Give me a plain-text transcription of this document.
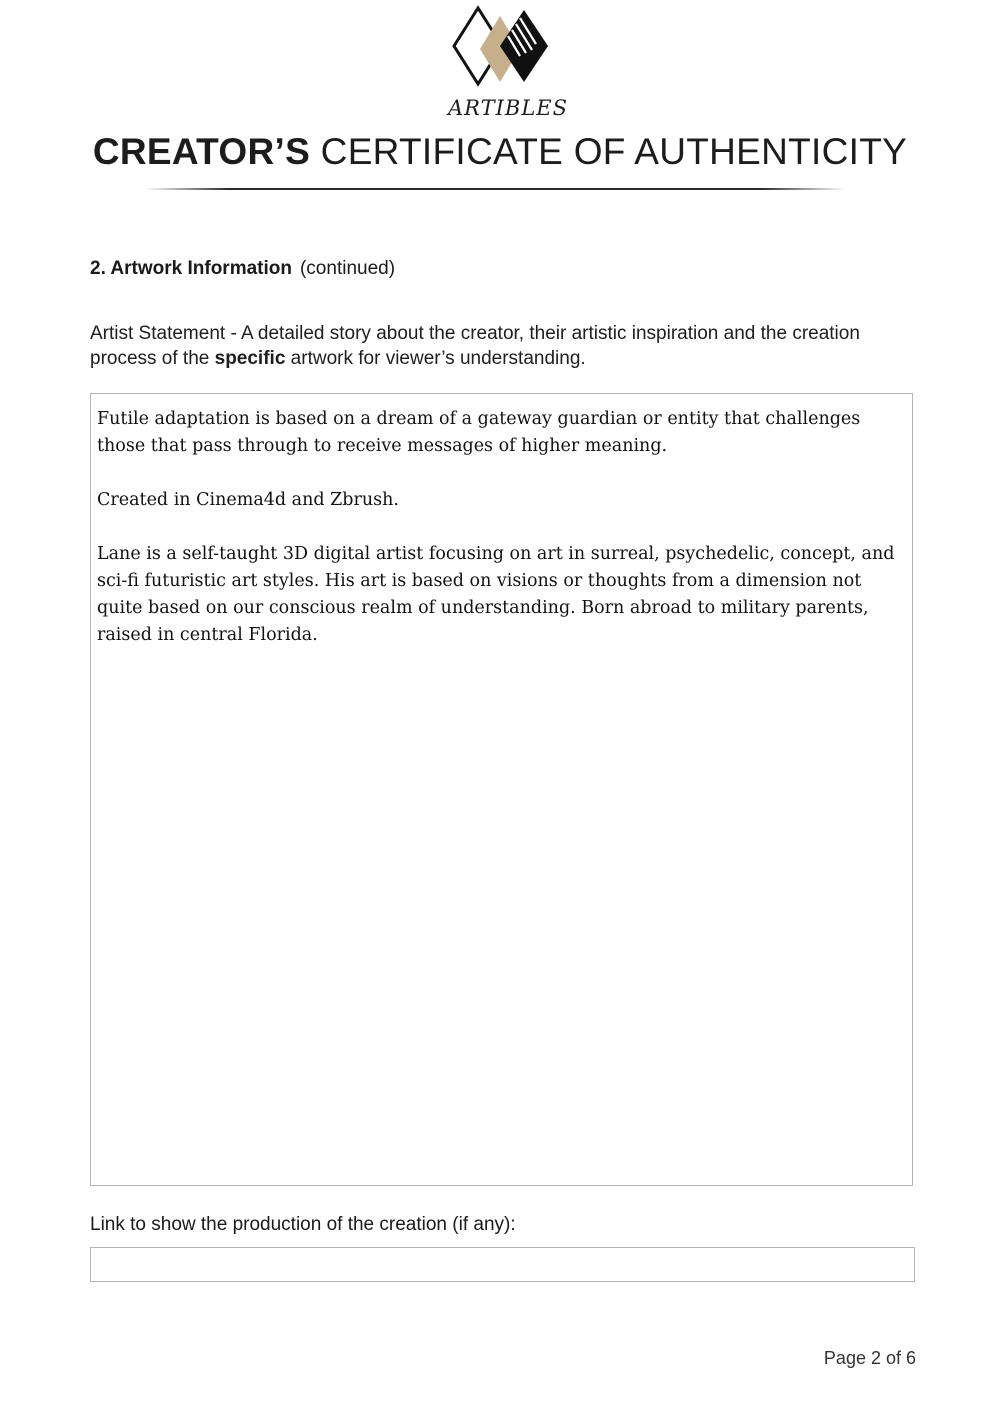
ARTIBLES
CREATOR’S CERTIFICATE OF AUTHENTICITY
2. Artwork Information (continued)
Artist Statement - A detailed story about the creator, their artistic inspiration and the creation process of the specific artwork for viewer’s understanding.

Futile adaptation is based on a dream of a gateway guardian or entity that challenges those that pass through to receive messages of higher meaning.

Created in Cinema4d and Zbrush.

Lane is a self-taught 3D digital artist focusing on art in surreal, psychedelic, concept, and sci-fi futuristic art styles. His art is based on visions or thoughts from a dimension not quite based on our conscious realm of understanding. Born abroad to military parents, raised in central Florida.

Link to show the production of the creation (if any):
Page 2 of 6
